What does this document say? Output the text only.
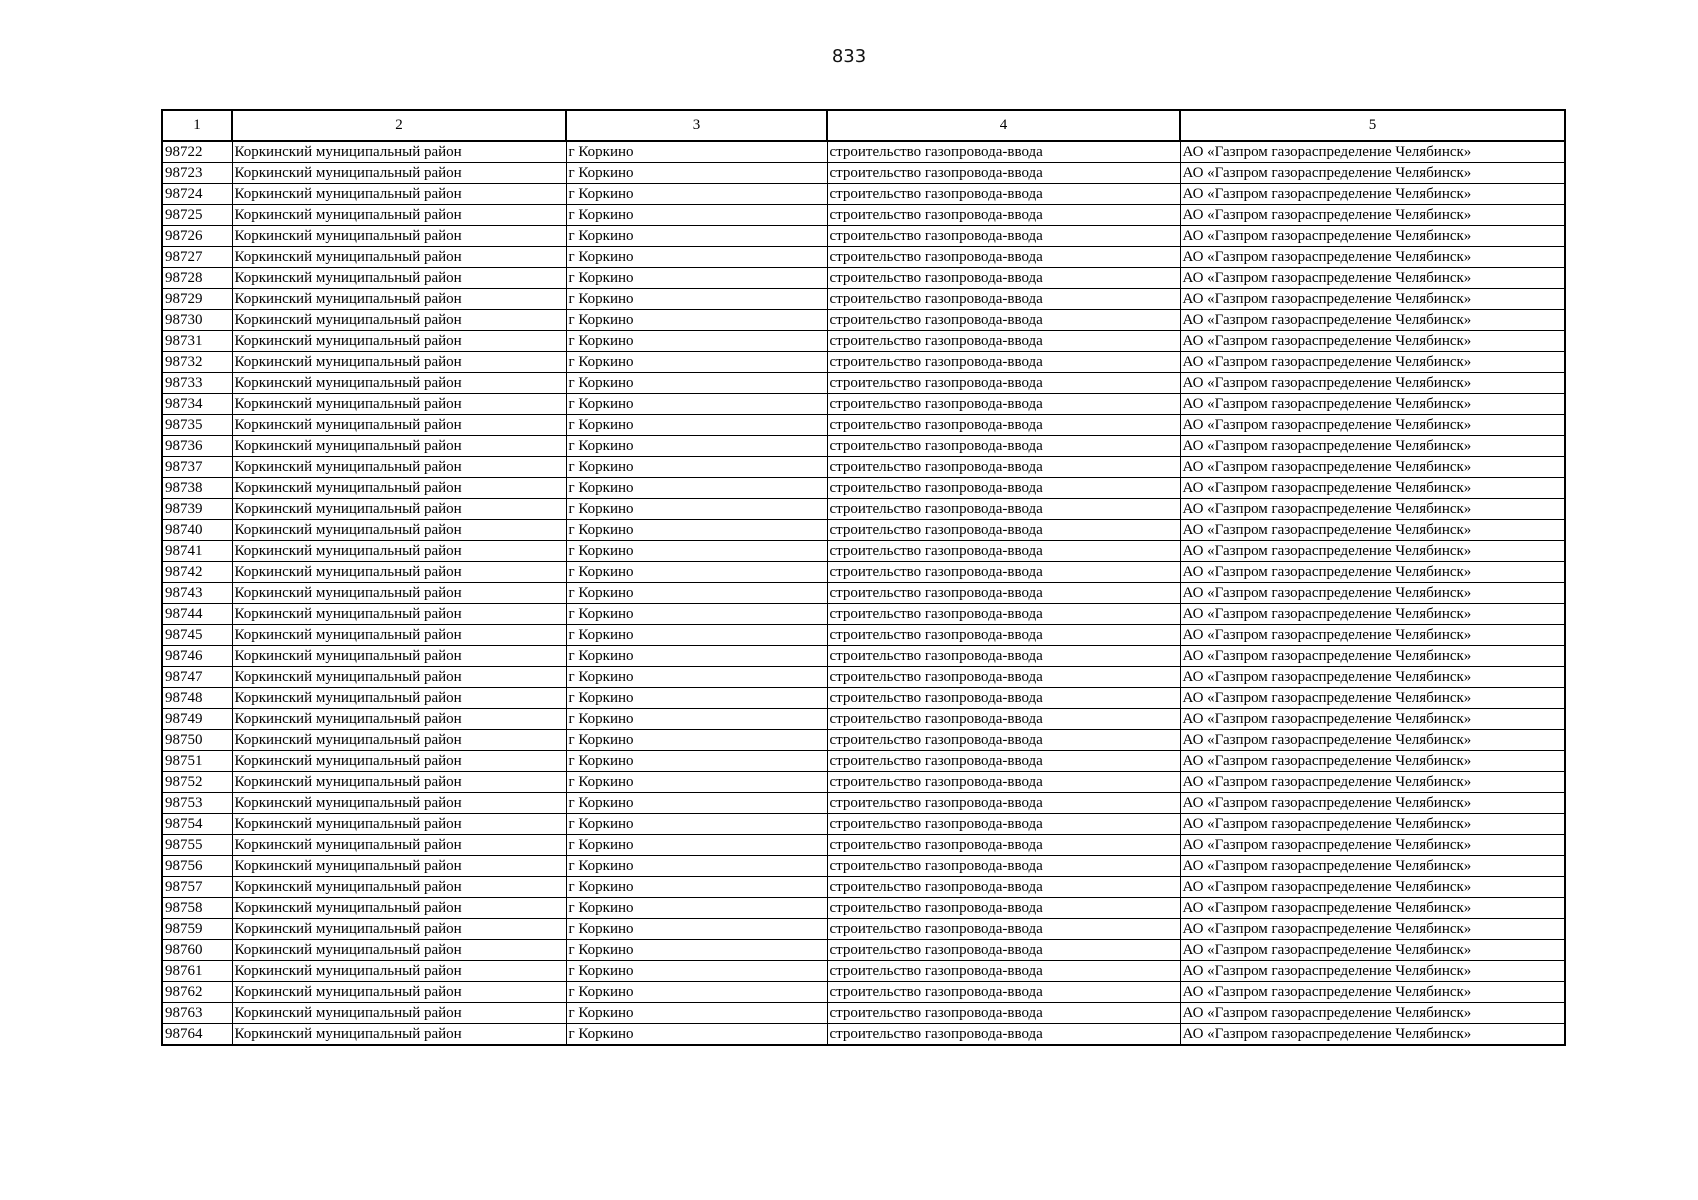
833
1	2	3	4	5
98722	Коркинский муниципальный район	г Коркино	строительство газопровода-ввода	АО «Газпром газораспределение Челябинск»
98723	Коркинский муниципальный район	г Коркино	строительство газопровода-ввода	АО «Газпром газораспределение Челябинск»
98724	Коркинский муниципальный район	г Коркино	строительство газопровода-ввода	АО «Газпром газораспределение Челябинск»
98725	Коркинский муниципальный район	г Коркино	строительство газопровода-ввода	АО «Газпром газораспределение Челябинск»
98726	Коркинский муниципальный район	г Коркино	строительство газопровода-ввода	АО «Газпром газораспределение Челябинск»
98727	Коркинский муниципальный район	г Коркино	строительство газопровода-ввода	АО «Газпром газораспределение Челябинск»
98728	Коркинский муниципальный район	г Коркино	строительство газопровода-ввода	АО «Газпром газораспределение Челябинск»
98729	Коркинский муниципальный район	г Коркино	строительство газопровода-ввода	АО «Газпром газораспределение Челябинск»
98730	Коркинский муниципальный район	г Коркино	строительство газопровода-ввода	АО «Газпром газораспределение Челябинск»
98731	Коркинский муниципальный район	г Коркино	строительство газопровода-ввода	АО «Газпром газораспределение Челябинск»
98732	Коркинский муниципальный район	г Коркино	строительство газопровода-ввода	АО «Газпром газораспределение Челябинск»
98733	Коркинский муниципальный район	г Коркино	строительство газопровода-ввода	АО «Газпром газораспределение Челябинск»
98734	Коркинский муниципальный район	г Коркино	строительство газопровода-ввода	АО «Газпром газораспределение Челябинск»
98735	Коркинский муниципальный район	г Коркино	строительство газопровода-ввода	АО «Газпром газораспределение Челябинск»
98736	Коркинский муниципальный район	г Коркино	строительство газопровода-ввода	АО «Газпром газораспределение Челябинск»
98737	Коркинский муниципальный район	г Коркино	строительство газопровода-ввода	АО «Газпром газораспределение Челябинск»
98738	Коркинский муниципальный район	г Коркино	строительство газопровода-ввода	АО «Газпром газораспределение Челябинск»
98739	Коркинский муниципальный район	г Коркино	строительство газопровода-ввода	АО «Газпром газораспределение Челябинск»
98740	Коркинский муниципальный район	г Коркино	строительство газопровода-ввода	АО «Газпром газораспределение Челябинск»
98741	Коркинский муниципальный район	г Коркино	строительство газопровода-ввода	АО «Газпром газораспределение Челябинск»
98742	Коркинский муниципальный район	г Коркино	строительство газопровода-ввода	АО «Газпром газораспределение Челябинск»
98743	Коркинский муниципальный район	г Коркино	строительство газопровода-ввода	АО «Газпром газораспределение Челябинск»
98744	Коркинский муниципальный район	г Коркино	строительство газопровода-ввода	АО «Газпром газораспределение Челябинск»
98745	Коркинский муниципальный район	г Коркино	строительство газопровода-ввода	АО «Газпром газораспределение Челябинск»
98746	Коркинский муниципальный район	г Коркино	строительство газопровода-ввода	АО «Газпром газораспределение Челябинск»
98747	Коркинский муниципальный район	г Коркино	строительство газопровода-ввода	АО «Газпром газораспределение Челябинск»
98748	Коркинский муниципальный район	г Коркино	строительство газопровода-ввода	АО «Газпром газораспределение Челябинск»
98749	Коркинский муниципальный район	г Коркино	строительство газопровода-ввода	АО «Газпром газораспределение Челябинск»
98750	Коркинский муниципальный район	г Коркино	строительство газопровода-ввода	АО «Газпром газораспределение Челябинск»
98751	Коркинский муниципальный район	г Коркино	строительство газопровода-ввода	АО «Газпром газораспределение Челябинск»
98752	Коркинский муниципальный район	г Коркино	строительство газопровода-ввода	АО «Газпром газораспределение Челябинск»
98753	Коркинский муниципальный район	г Коркино	строительство газопровода-ввода	АО «Газпром газораспределение Челябинск»
98754	Коркинский муниципальный район	г Коркино	строительство газопровода-ввода	АО «Газпром газораспределение Челябинск»
98755	Коркинский муниципальный район	г Коркино	строительство газопровода-ввода	АО «Газпром газораспределение Челябинск»
98756	Коркинский муниципальный район	г Коркино	строительство газопровода-ввода	АО «Газпром газораспределение Челябинск»
98757	Коркинский муниципальный район	г Коркино	строительство газопровода-ввода	АО «Газпром газораспределение Челябинск»
98758	Коркинский муниципальный район	г Коркино	строительство газопровода-ввода	АО «Газпром газораспределение Челябинск»
98759	Коркинский муниципальный район	г Коркино	строительство газопровода-ввода	АО «Газпром газораспределение Челябинск»
98760	Коркинский муниципальный район	г Коркино	строительство газопровода-ввода	АО «Газпром газораспределение Челябинск»
98761	Коркинский муниципальный район	г Коркино	строительство газопровода-ввода	АО «Газпром газораспределение Челябинск»
98762	Коркинский муниципальный район	г Коркино	строительство газопровода-ввода	АО «Газпром газораспределение Челябинск»
98763	Коркинский муниципальный район	г Коркино	строительство газопровода-ввода	АО «Газпром газораспределение Челябинск»
98764	Коркинский муниципальный район	г Коркино	строительство газопровода-ввода	АО «Газпром газораспределение Челябинск»
